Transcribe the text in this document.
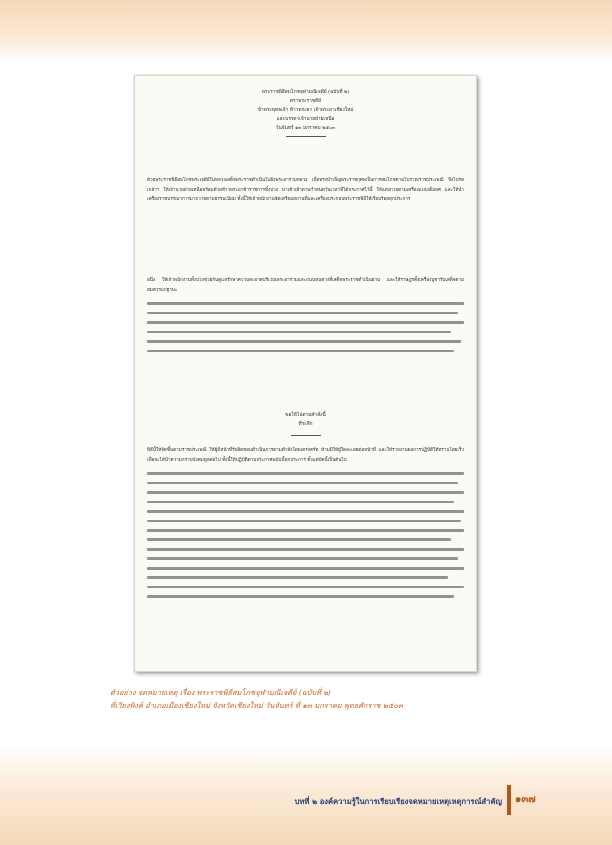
พระราชพิธีสมโภชจุฬามณีเจดีย์ (ฉบับที่ ๒)
ตราพระราชสีห์
ข้าพระพุทธเจ้า ท้าวพระยา เจ้าพระยาเชียงใหม่
และบรรดาเจ้านายฝ่ายเหนือ
วันจันทร์ ๑๓ มกราคม ๒๕๐๓

ด้วยพระราชพิธีสมโภชพระเจดีย์ในหลวงเสด็จพระราชดำเนินไปยังพระอารามหลวง เพื่อทรงบำเพ็ญพระราชกุศลเป็นการสมโภชตามโบราณราชประเพณี จึงโปรดเกล้าฯ ให้เจ้านายฝ่ายเหนือพร้อมด้วยท้าวพระยาข้าราชการทั้งปวง มาเข้าเฝ้าตามกำหนดวันเวลาที่ได้ประกาศไว้นี้ ให้แต่งกายตามเครื่องแบบเต็มยศ และให้นำเครื่องราชบรรณาการมาถวายตามธรรมเนียม ทั้งนี้ให้เจ้าพนักงานจัดเตรียมสถานที่และเครื่องประกอบพระราชพิธีให้เรียบร้อยทุกประการ

อนึ่ง ให้เจ้าพนักงานทั้งปวงช่วยกันดูแลรักษาความสะอาดบริเวณพระอารามและถนนหนทางที่เสด็จพระราชดำเนินผ่าน และให้ราษฎรตั้งเครื่องบูชารับเสด็จตามสมควรแก่ฐานะ

ขอให้ไปตามคำสั่งนี้
ที่ระลึก

พิธีนี้ให้จัดขึ้นตามราชประเพณี ให้ผู้มีหน้าที่รับผิดชอบดำเนินการตามคำสั่งโดยเคร่งครัด ห้ามมิให้ผู้ใดละเลยต่อหน้าที่ และให้รายงานผลการปฏิบัติให้ทราบโดยเร็ว เพื่อจะได้นำความกราบบังคมทูลต่อไป ทั้งนี้ให้ปฏิบัติตามประกาศฉบับนี้ทุกประการ ตั้งแต่บัดนี้เป็นต้นไป

ตัวอย่าง จดหมายเหตุ เรื่อง พระราชพิธีสมโภชจุฬามณีเจดีย์ (ฉบับที่ ๒)
ที่เวียงพิงค์ อำเภอเมืองเชียงใหม่ จังหวัดเชียงใหม่ วันจันทร์ ที่ ๑๓ มกราคม พุทธศักราช ๒๕๐๓
บทที่ ๒ องค์ความรู้ในการเรียบเรียงจดหมายเหตุเหตุการณ์สำคัญ ๑๓๗
